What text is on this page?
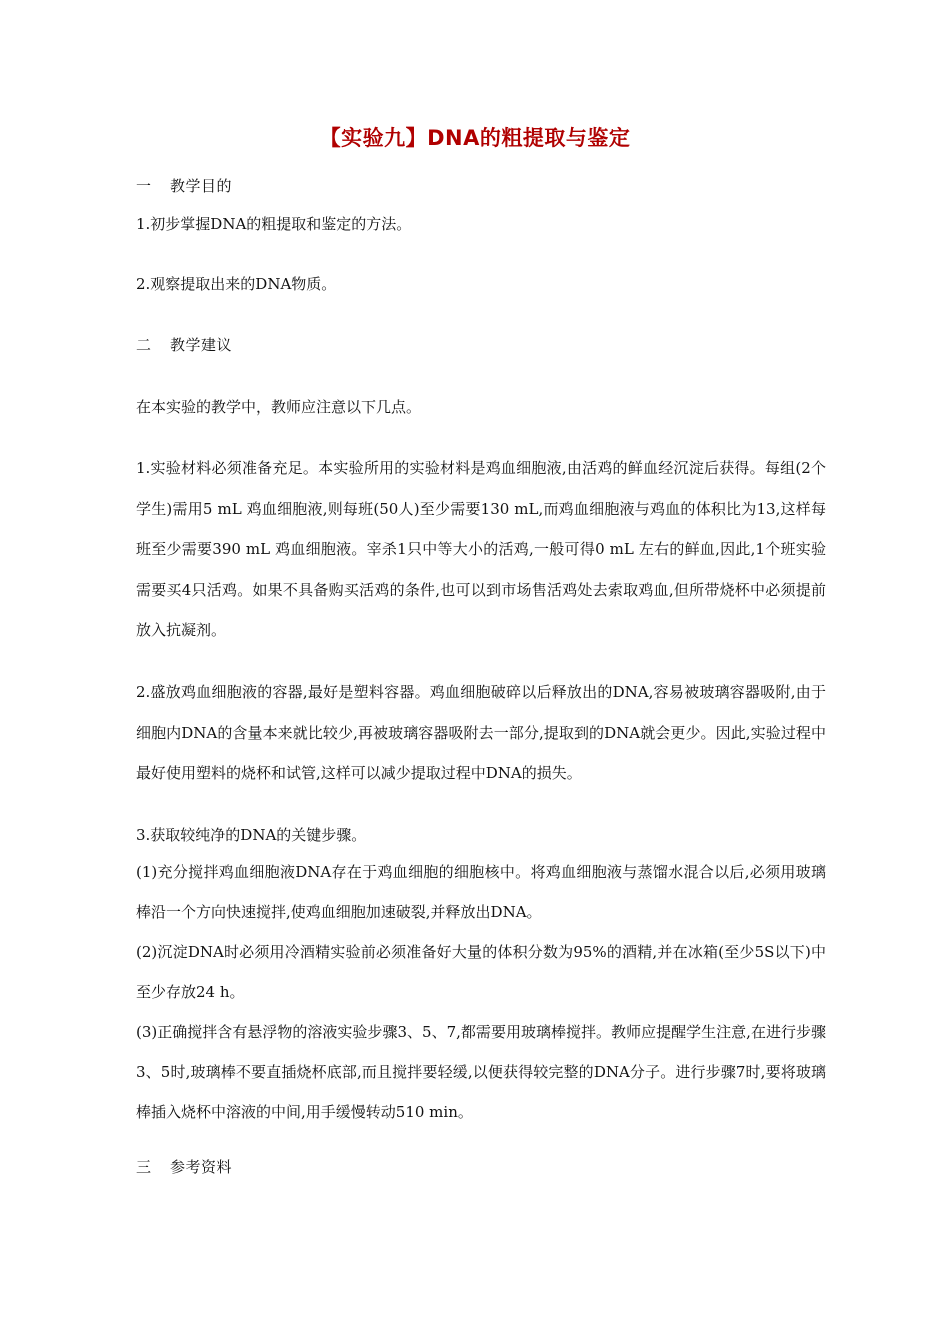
【实验九】DNA的粗提取与鉴定
一 教学目的
1.初步掌握DNA的粗提取和鉴定的方法。
2.观察提取出来的DNA物质。
二 教学建议
在本实验的教学中，教师应注意以下几点。
1.实验材料必须准备充足。本实验所用的实验材料是鸡血细胞液,由活鸡的鲜血经沉淀后获得。每组(2个学生)需用5 mL 鸡血细胞液,则每班(50人)至少需要130 mL,而鸡血细胞液与鸡血的体积比为13,这样每班至少需要390 mL 鸡血细胞液。宰杀1只中等大小的活鸡,一般可得0 mL 左右的鲜血,因此,1个班实验需要买4只活鸡。如果不具备购买活鸡的条件,也可以到市场售活鸡处去索取鸡血,但所带烧杯中必须提前放入抗凝剂。
2.盛放鸡血细胞液的容器,最好是塑料容器。鸡血细胞破碎以后释放出的DNA,容易被玻璃容器吸附,由于细胞内DNA的含量本来就比较少,再被玻璃容器吸附去一部分,提取到的DNA就会更少。因此,实验过程中最好使用塑料的烧杯和试管,这样可以减少提取过程中DNA的损失。
3.获取较纯净的DNA的关键步骤。
(1)充分搅拌鸡血细胞液DNA存在于鸡血细胞的细胞核中。将鸡血细胞液与蒸馏水混合以后,必须用玻璃棒沿一个方向快速搅拌,使鸡血细胞加速破裂,并释放出DNA。
(2)沉淀DNA时必须用冷酒精实验前必须准备好大量的体积分数为95%的酒精,并在冰箱(至少5S以下)中至少存放24 h。
(3)正确搅拌含有悬浮物的溶液实验步骤3、5、7,都需要用玻璃棒搅拌。教师应提醒学生注意,在进行步骤3、5时,玻璃棒不要直插烧杯底部,而且搅拌要轻缓,以便获得较完整的DNA分子。进行步骤7时,要将玻璃棒插入烧杯中溶液的中间,用手缓慢转动510 min。
三 参考资料
